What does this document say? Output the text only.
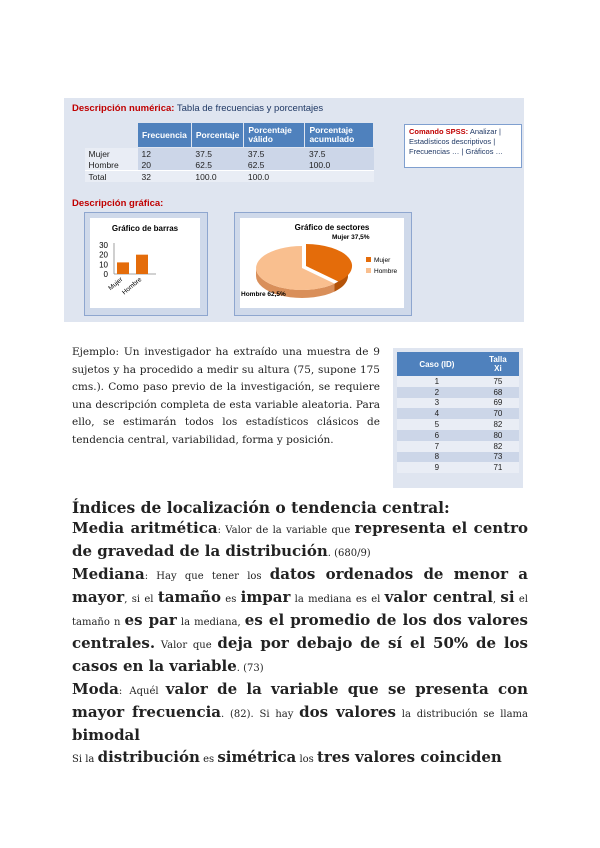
Descripción numérica: Tabla de frecuencias y porcentajes
	Frecuencia	Porcentaje	Porcentaje válido	Porcentaje acumulado
Mujer	12	37.5	37.5	37.5
Hombre	20	62.5	62.5	100.0
Total	32	100.0	100.0	
Comando SPSS: Analizar | Estadísticos descriptivos | Frecuencias … | Gráficos …
Descripción gráfica:
Gráfico de barras
30
20
10
0
Mujer
Hombre
Gráfico de sectores
Mujer 37,5%
Hombre 62,5%
Mujer
Hombre

Ejemplo: Un investigador ha extraído una muestra de 9 sujetos y ha procedido a medir su altura (75, supone 175 cms.). Como paso previo de la investigación, se requiere una descripción completa de esta variable aleatoria. Para ello, se estimarán todos los estadísticos clásicos de tendencia central, variabilidad, forma y posición.

Caso (ID)	Talla
Xi
1	75
2	68
3	69
4	70
5	82
6	80
7	82
8	73
9	71

Índices de localización o tendencia central:

Media aritmética: Valor de la variable que representa el centro de gravedad de la distribución. (680/9)

Mediana: Hay que tener los datos ordenados de menor a mayor, si el tamaño es impar la mediana es el valor central, si el tamaño n es par la mediana, es el promedio de los dos valores centrales. Valor que deja por debajo de sí el 50% de los casos en la variable. (73)

Moda: Aquél valor de la variable que se presenta con mayor frecuencia. (82). Si hay dos valores la distribución se llama bimodal

Si la distribución es simétrica los tres valores coinciden
